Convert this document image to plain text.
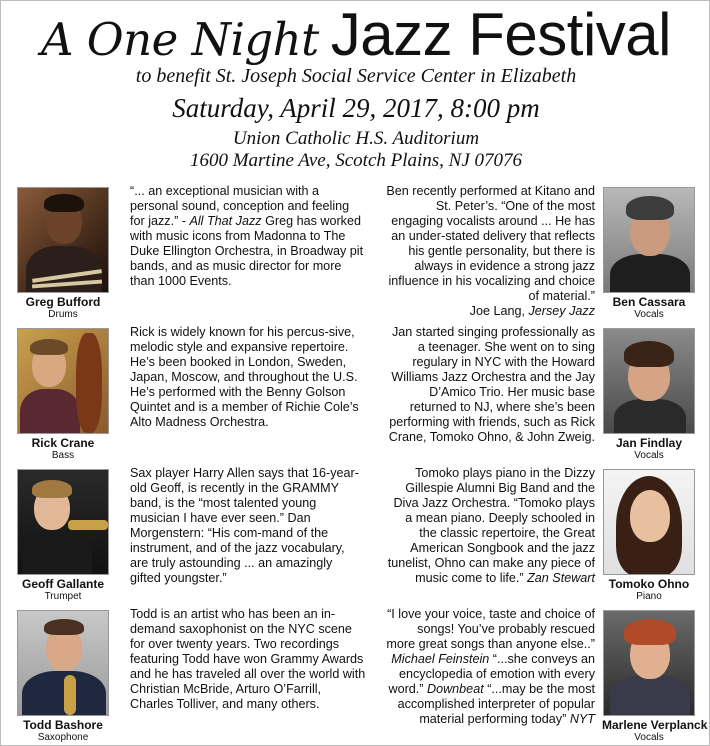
A One Night Jazz Festival
to benefit St. Joseph Social Service Center in Elizabeth
Saturday, April 29, 2017, 8:00 pm
Union Catholic H.S. Auditorium
1600 Martine Ave, Scotch Plains, NJ 07076
Greg Bufford
Drums

“... an exceptional musician with a personal sound, conception and feeling for jazz.” - All That Jazz Greg has worked with music icons from Madonna to The Duke Ellington Orchestra, in Broadway pit bands, and as music director for more than 1000 Events.

Ben recently performed at Kitano and St. Peter’s. “One of the most engaging vocalists around ... He has an under-stated delivery that reflects his gentle personality, but there is always in evidence a strong jazz influence in his vocalizing and choice of material.”
Joe Lang, Jersey Jazz

Ben Cassara
Vocals
Rick Crane
Bass

Rick is widely known for his percus-sive, melodic style and expansive repertoire. He’s been booked in London, Sweden, Japan, Moscow, and throughout the U.S. He’s performed with the Benny Golson Quintet and is a member of Richie Cole’s Alto Madness Orchestra.

Jan started singing professionally as a teenager. She went on to sing regulary in NYC with the Howard Williams Jazz Orchestra and the Jay D’Amico Trio. Her music base returned to NJ, where she’s been performing with friends, such as Rick Crane, Tomoko Ohno, & John Zweig.	Jan Findlay
Vocals
Geoff Gallante
Trumpet

Sax player Harry Allen says that 16-year-old Geoff, is recently in the GRAMMY band, is the “most talented young musician I have ever seen.” Dan Morgenstern: “His com-mand of the instrument, and of the jazz vocabulary, are truly astounding ... an amazingly gifted youngster.”

Tomoko plays piano in the Dizzy Gillespie Alumni Big Band and the Diva Jazz Orchestra. “Tomoko plays a mean piano. Deeply schooled in the classic repertoire, the Great American Songbook and the jazz tunelist, Ohno can make any piece of music come to life.” Zan Stewart	Tomoko Ohno
Piano
Todd Bashore
Saxophone

Todd is an artist who has been an in-demand saxophonist on the NYC scene for over twenty years. Two recordings featuring Todd have won Grammy Awards and he has traveled all over the world with Christian McBride, Arturo O’Farrill, Charles Tolliver, and many others.

“I love your voice, taste and choice of songs! You’ve probably rescued more great songs than anyone else..” Michael Feinstein “...she conveys an encyclopedia of emotion with every word.” Downbeat “...may be the most accomplished interpreter of popular material performing today” NYT Marlene Verplanck
Vocals
